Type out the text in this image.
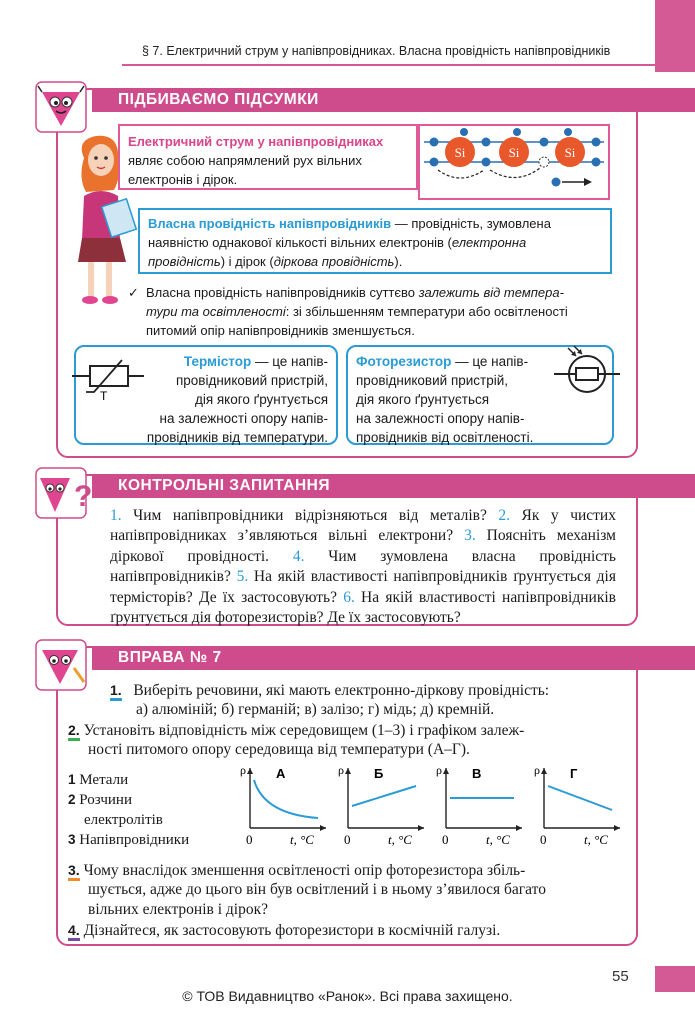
§ 7. Електричний струм у напівпровідниках. Власна провідність напівпровідників
ПІДБИВАЄМО ПІДСУМКИ
Електричний струм у напівпровідниках
являє собою напрямлений рух вільних
електронів і дірок.
Si	Si	Si
Власна провідність напівпровідників — провідність, зумовлена
наявністю однакової кількості вільних електронів (електронна
провідність) і дірок (діркова провідність).
✓ Власна провідність напівпровідників суттєво залежить від темпера-
тури та освітленості: зі збільшенням температури або освітленості
питомий опір напівпровідників зменшується.
T
Термістор — це напів-
провідниковий пристрій,
дія якого ґрунтується
на залежності опору напів-
провідників від температури.
Фоторезистор — це напів-
провідниковий пристрій,
дія якого ґрунтується
на залежності опору напів-
провідників від освітленості.
КОНТРОЛЬНІ ЗАПИТАННЯ
?
1. Чим напівпровідники відрізняються від металів? 2. Як у чистих напівпровідниках з’являються вільні електрони? 3. Поясніть механізм діркової провідності. 4. Чим зумовлена власна провідність напівпровідників? 5. На якій властивості напівпровідників ґрунтується дія термісторів? Де їх застосовують? 6. На якій властивості напівпровідників ґрунтується дія фоторезисторів? Де їх застосовують?
ВПРАВА № 7
1. Виберіть речовини, які мають електронно-діркову провідність:
а) алюміній; б) германій; в) залізо; г) мідь; д) кремній.
2. Установіть відповідність між середовищем (1–3) і графіком залеж-
ності питомого опору середовища від температури (А–Г).
1 Метали
2 Розчини
електролітів
3 Напівпровідники
ρ А
0	t, °C
ρ Б
0	t, °C
ρ В
0	t, °C
ρ Г
0	t, °C
3. Чому внаслідок зменшення освітленості опір фоторезистора збіль-
шується, адже до цього він був освітлений і в ньому з’явилося багато
вільних електронів і дірок?
4. Дізнайтеся, як застосовують фоторезистори в космічній галузі.
55
© ТОВ Видавництво «Ранок». Всі права захищено.
